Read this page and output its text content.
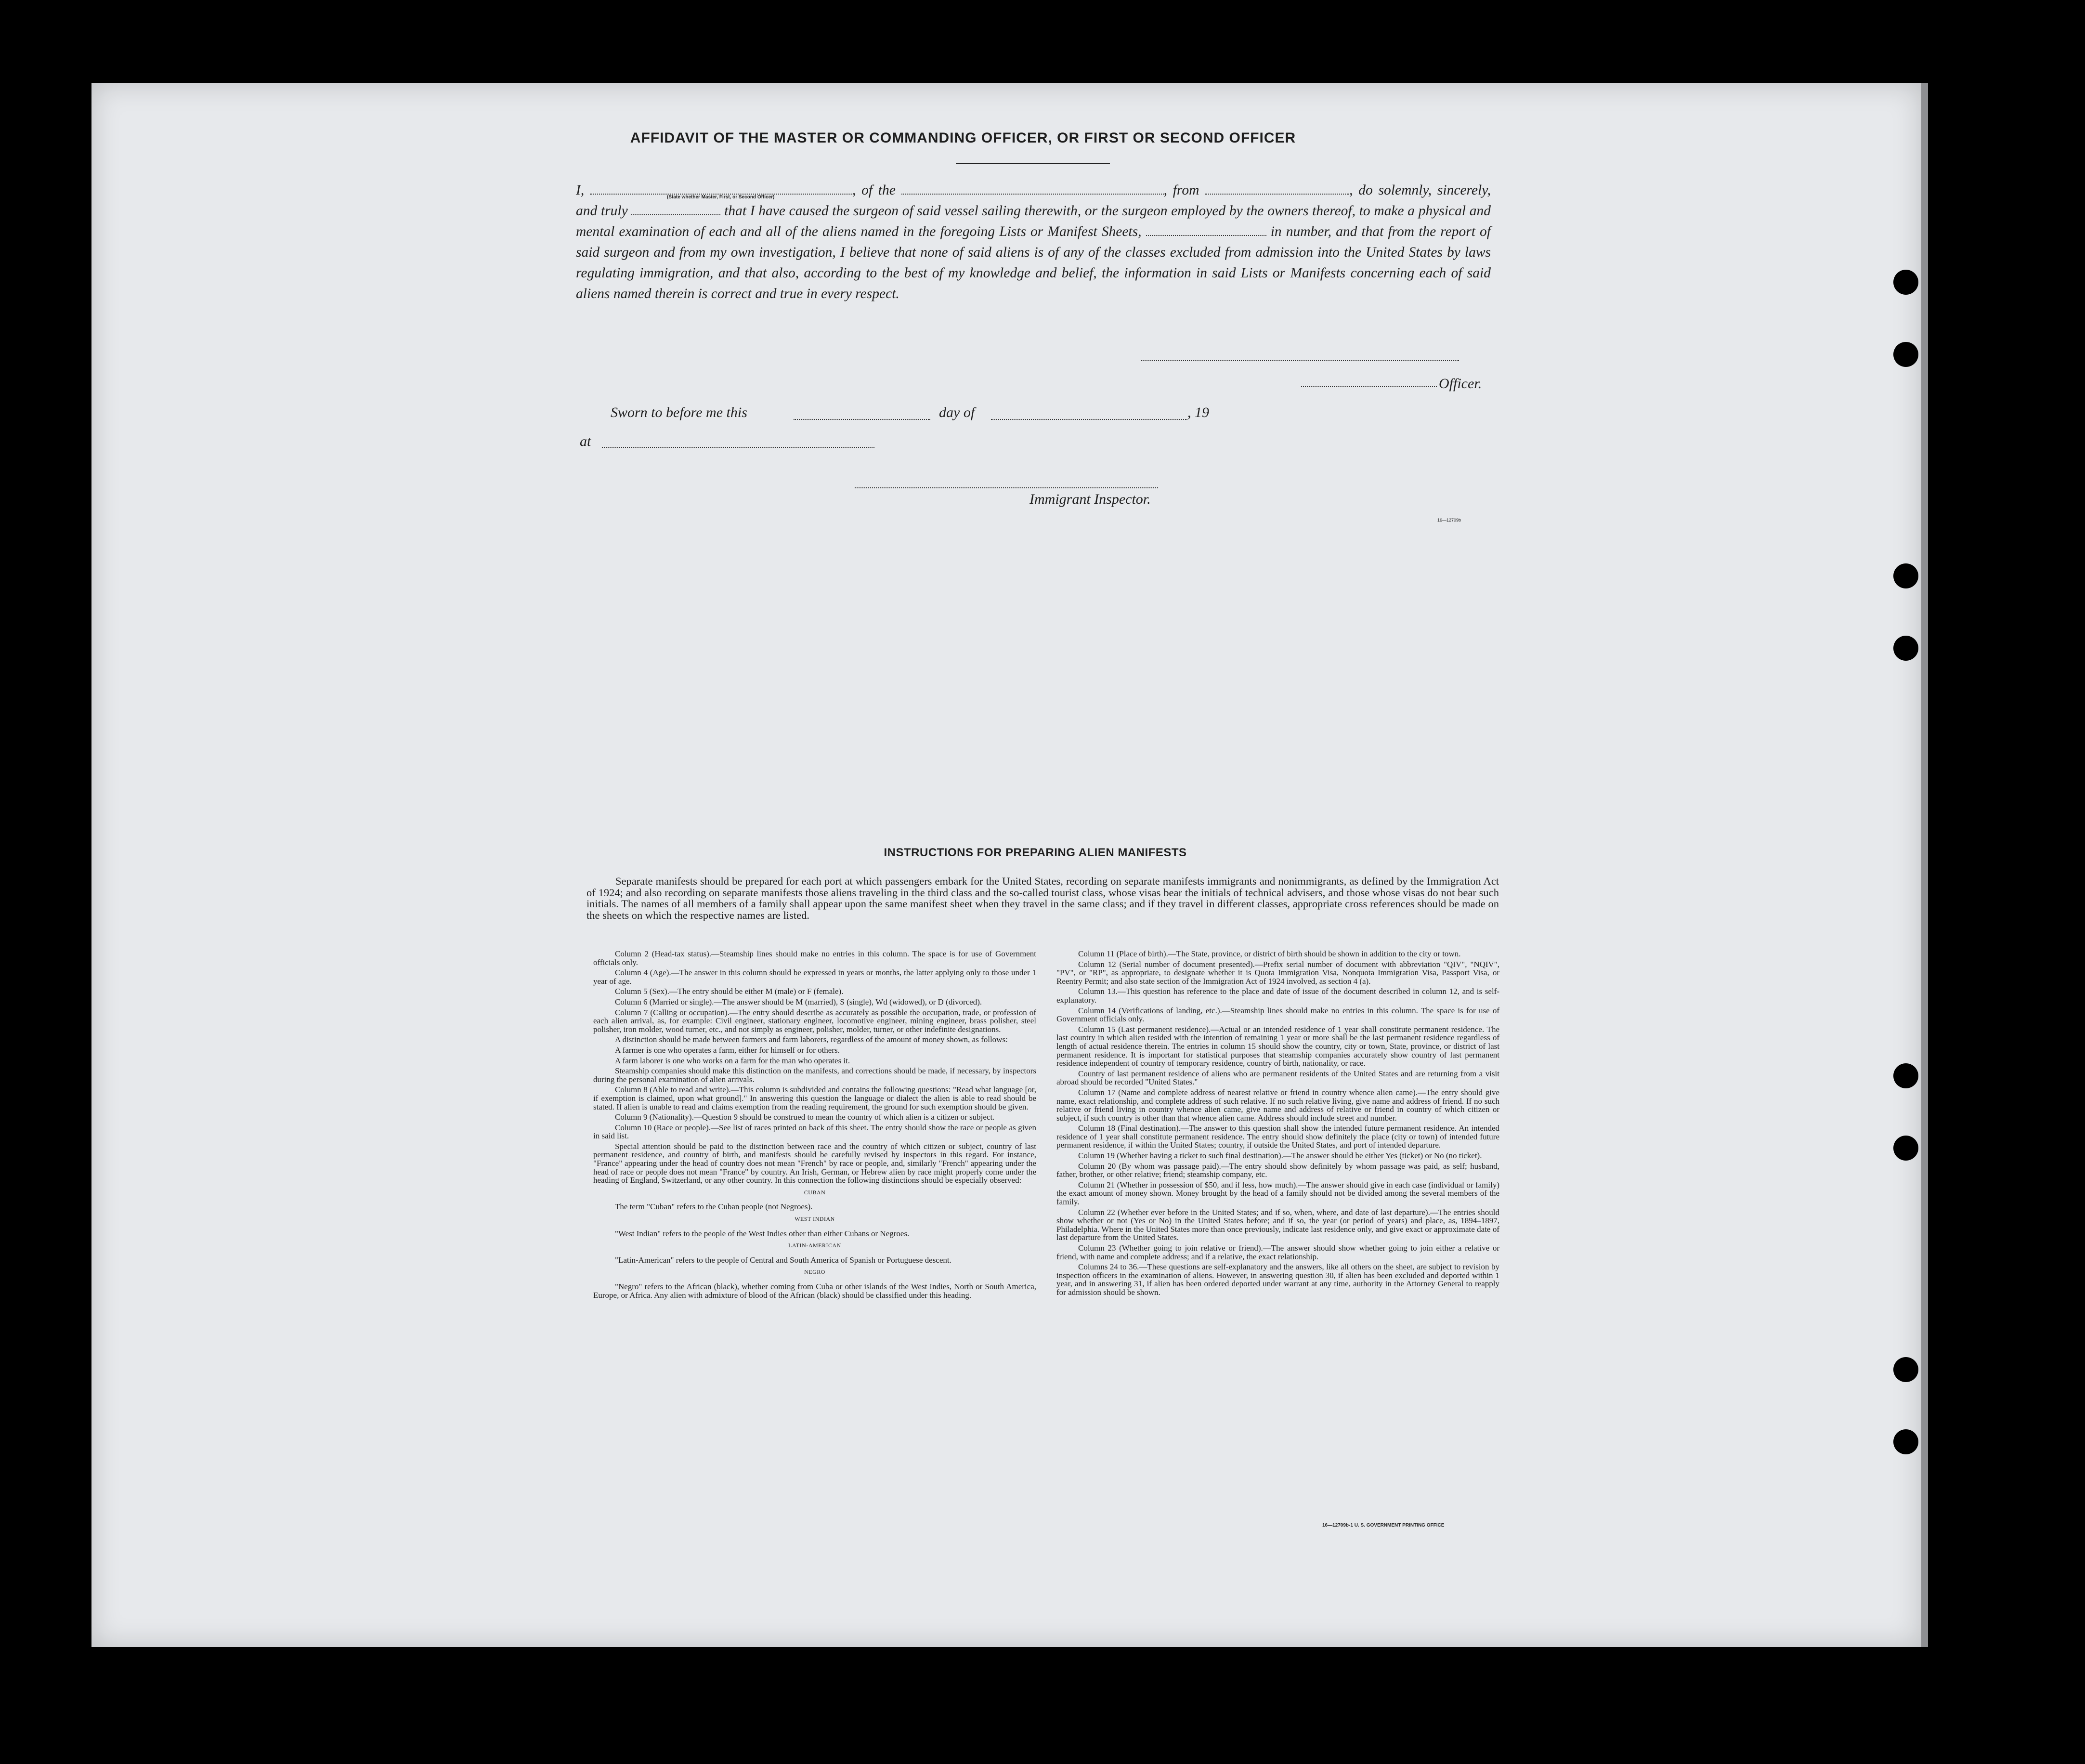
AFFIDAVIT OF THE MASTER OR COMMANDING OFFICER, OR FIRST OR SECOND OFFICER
(State whether Master, First, or Second Officer)

I,	, of the	, from	, do solemnly, sincerely, and truly	that I have caused the surgeon of said vessel sailing therewith, or the surgeon employed by the owners thereof, to make a physical and mental examination of each and all of the aliens named in the foregoing Lists or Manifest Sheets,	in number, and that from the report of said surgeon and from my own investigation, I believe that none of said aliens is of any of the classes excluded from admission into the United States by laws regulating immigration, and that also, according to the best of my knowledge and belief, the information in said Lists or Manifests concerning each of said aliens named therein is correct and true in every respect.

Officer.
Sworn to before me this	day of	, 19
at
Immigrant Inspector.
16—12709b
INSTRUCTIONS FOR PREPARING ALIEN MANIFESTS

Separate manifests should be prepared for each port at which passengers embark for the United States, recording on separate manifests immigrants and nonimmigrants, as defined by the Immigration Act of 1924; and also recording on separate manifests those aliens traveling in the third class and the so-called tourist class, whose visas bear the initials of technical advisers, and those whose visas do not bear such initials. The names of all members of a family shall appear upon the same manifest sheet when they travel in the same class; and if they travel in different classes, appropriate cross references should be made on the sheets on which the respective names are listed.

Column 2 (Head-tax status).—Steamship lines should make no entries in this column. The space is for use of Government officials only.

Column 4 (Age).—The answer in this column should be expressed in years or months, the latter applying only to those under 1 year of age.

Column 5 (Sex).—The entry should be either M (male) or F (female).

Column 6 (Married or single).—The answer should be M (married), S (single), Wd (widowed), or D (divorced).

Column 7 (Calling or occupation).—The entry should describe as accurately as possible the occupation, trade, or profession of each alien arrival, as, for example: Civil engineer, stationary engineer, locomotive engineer, mining engineer, brass polisher, steel polisher, iron molder, wood turner, etc., and not simply as engineer, polisher, molder, turner, or other indefinite designations.

A distinction should be made between farmers and farm laborers, regardless of the amount of money shown, as follows:

A farmer is one who operates a farm, either for himself or for others.

A farm laborer is one who works on a farm for the man who operates it.

Steamship companies should make this distinction on the manifests, and corrections should be made, if necessary, by inspectors during the personal examination of alien arrivals.

Column 8 (Able to read and write).—This column is subdivided and contains the following questions: "Read what language [or, if exemption is claimed, upon what ground]." In answering this question the language or dialect the alien is able to read should be stated. If alien is unable to read and claims exemption from the reading requirement, the ground for such exemption should be given.

Column 9 (Nationality).—Question 9 should be construed to mean the country of which alien is a citizen or subject.

Column 10 (Race or people).—See list of races printed on back of this sheet. The entry should show the race or people as given in said list.

Special attention should be paid to the distinction between race and the country of which citizen or subject, country of last permanent residence, and country of birth, and manifests should be carefully revised by inspectors in this regard. For instance, "France" appearing under the head of country does not mean "French" by race or people, and, similarly "French" appearing under the head of race or people does not mean "France" by country. An Irish, German, or Hebrew alien by race might properly come under the heading of England, Switzerland, or any other country. In this connection the following distinctions should be especially observed:

CUBAN

The term "Cuban" refers to the Cuban people (not Negroes).

WEST INDIAN

"West Indian" refers to the people of the West Indies other than either Cubans or Negroes.

LATIN-AMERICAN

"Latin-American" refers to the people of Central and South America of Spanish or Portuguese descent.

NEGRO

"Negro" refers to the African (black), whether coming from Cuba or other islands of the West Indies, North or South America, Europe, or Africa. Any alien with admixture of blood of the African (black) should be classified under this heading.

Column 11 (Place of birth).—The State, province, or district of birth should be shown in addition to the city or town.

Column 12 (Serial number of document presented).—Prefix serial number of document with abbreviation "QIV", "NQIV", "PV", or "RP", as appropriate, to designate whether it is Quota Immigration Visa, Nonquota Immigration Visa, Passport Visa, or Reentry Permit; and also state section of the Immigration Act of 1924 involved, as section 4 (a).

Column 13.—This question has reference to the place and date of issue of the document described in column 12, and is self-explanatory.

Column 14 (Verifications of landing, etc.).—Steamship lines should make no entries in this column. The space is for use of Government officials only.

Column 15 (Last permanent residence).—Actual or an intended residence of 1 year shall constitute permanent residence. The last country in which alien resided with the intention of remaining 1 year or more shall be the last permanent residence regardless of length of actual residence therein. The entries in column 15 should show the country, city or town, State, province, or district of last permanent residence. It is important for statistical purposes that steamship companies accurately show country of last permanent residence independent of country of temporary residence, country of birth, nationality, or race.

Country of last permanent residence of aliens who are permanent residents of the United States and are returning from a visit abroad should be recorded "United States."

Column 17 (Name and complete address of nearest relative or friend in country whence alien came).—The entry should give name, exact relationship, and complete address of such relative. If no such relative living, give name and address of friend. If no such relative or friend living in country whence alien came, give name and address of relative or friend in country of which citizen or subject, if such country is other than that whence alien came. Address should include street and number.

Column 18 (Final destination).—The answer to this question shall show the intended future permanent residence. An intended residence of 1 year shall constitute permanent residence. The entry should show definitely the place (city or town) of intended future permanent residence, if within the United States; country, if outside the United States, and port of intended departure.

Column 19 (Whether having a ticket to such final destination).—The answer should be either Yes (ticket) or No (no ticket).

Column 20 (By whom was passage paid).—The entry should show definitely by whom passage was paid, as self; husband, father, brother, or other relative; friend; steamship company, etc.

Column 21 (Whether in possession of $50, and if less, how much).—The answer should give in each case (individual or family) the exact amount of money shown. Money brought by the head of a family should not be divided among the several members of the family.

Column 22 (Whether ever before in the United States; and if so, when, where, and date of last departure).—The entries should show whether or not (Yes or No) in the United States before; and if so, the year (or period of years) and place, as, 1894–1897, Philadelphia. Where in the United States more than once previously, indicate last residence only, and give exact or approximate date of last departure from the United States.

Column 23 (Whether going to join relative or friend).—The answer should show whether going to join either a relative or friend, with name and complete address; and if a relative, the exact relationship.

Columns 24 to 36.—These questions are self-explanatory and the answers, like all others on the sheet, are subject to revision by inspection officers in the examination of aliens. However, in answering question 30, if alien has been excluded and deported within 1 year, and in answering 31, if alien has been ordered deported under warrant at any time, authority in the Attorney General to reapply for admission should be shown.

16—12709b-1 U. S. GOVERNMENT PRINTING OFFICE
